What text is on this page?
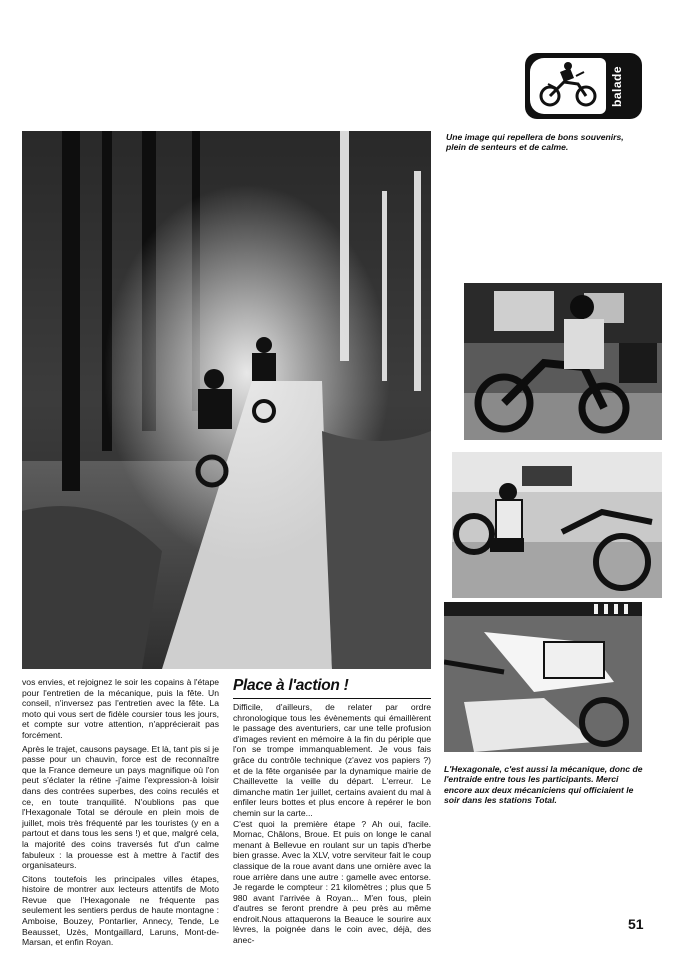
balade
Une image qui repellera de bons souvenirs, plein de senteurs et de calme.
L'Hexagonale, c'est aussi la mécanique, donc de l'entraide entre tous les participants. Merci encore aux deux mécaniciens qui officiaient le soir dans les stations Total.

vos envies, et rejoignez le soir les copains à l'étape pour l'entretien de la mécanique, puis la fête. Un conseil, n'inversez pas l'entretien avec la fête. La moto qui vous sert de fidèle coursier tous les jours, et compte sur votre attention, n'apprécierait pas forcément.

Après le trajet, causons paysage. Et là, tant pis si je passe pour un chauvin, force est de reconnaître que la France demeure un pays magnifique où l'on peut s'éclater la rétine -j'aime l'expression-à loisir dans des contrées superbes, des coins reculés et ce, en toute tranquilité. N'oublions pas que l'Hexagonale Total se déroule en plein mois de juillet, mois très fréquenté par les touristes (y en a partout et dans tous les sens !) et que, malgré cela, la majorité des coins traversés fut d'un calme fabuleux : la prouesse est à mettre à l'actif des organisateurs.

Citons toutefois les principales villes étapes, histoire de montrer aux lecteurs attentifs de Moto Revue que l'Hexagonale ne fréquente pas seulement les sentiers perdus de haute montagne : Amboise, Bouzey, Pontarlier, Annecy, Tende, Le Beausset, Uzès, Montgaillard, Laruns, Mont-de-Marsan, et enfin Royan.

Place à l'action !

Difficile, d'ailleurs, de relater par ordre chronologique tous les évènements qui émaillèrent le passage des aventuriers, car une telle profusion d'images revient en mémoire à la fin du périple que l'on se trompe immanquablement. Je vous fais grâce du contrôle technique (z'avez vos papiers ?) et de la fête organisée par la dynamique mairie de Chaillevette la veille du départ. L'erreur. Le dimanche matin 1er juillet, certains avaient du mal à enfiler leurs bottes et plus encore à repérer le bon chemin sur la carte...

C'est quoi la première étape ? Ah oui, facile. Mornac, Châlons, Broue. Et puis on longe le canal menant à Bellevue en roulant sur un tapis d'herbe bien grasse. Avec la XLV, votre serviteur fait le coup classique de la roue avant dans une ornière avec la roue arrière dans une autre : gamelle avec entorse. Je regarde le compteur : 21 kilomètres ; plus que 5 980 avant l'arrivée à Royan... M'en fous, plein d'autres se feront prendre à peu près au même endroit.Nous attaquerons la Beauce le sourire aux lèvres, la poignée dans le coin avec, déjà, des anec-

51
